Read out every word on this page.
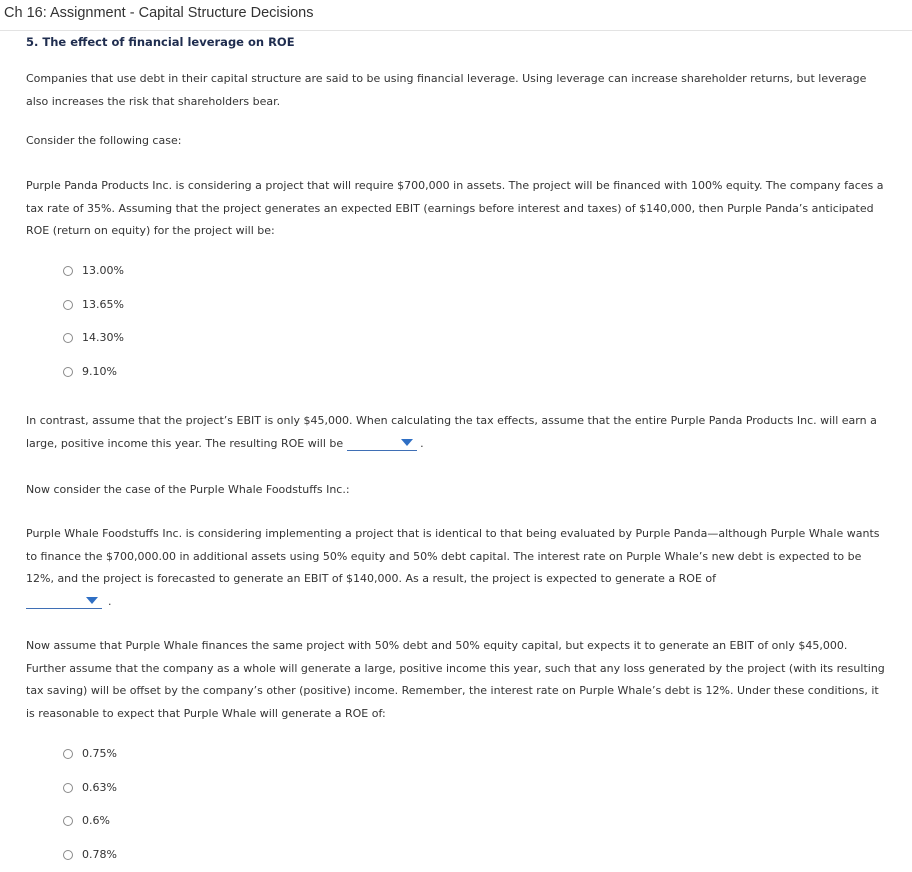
Ch 16: Assignment - Capital Structure Decisions
5. The effect of financial leverage on ROE
Companies that use debt in their capital structure are said to be using financial leverage. Using leverage can increase shareholder returns, but leverage also increases the risk that shareholders bear.
Consider the following case:
Purple Panda Products Inc. is considering a project that will require $700,000 in assets. The project will be financed with 100% equity. The company faces a tax rate of 35%. Assuming that the project generates an expected EBIT (earnings before interest and taxes) of $140,000, then Purple Panda’s anticipated ROE (return on equity) for the project will be:
13.00%
13.65%
14.30%
9.10%
In contrast, assume that the project’s EBIT is only $45,000. When calculating the tax effects, assume that the entire Purple Panda Products Inc. will earn a large, positive income this year. The resulting ROE will be	.
Now consider the case of the Purple Whale Foodstuffs Inc.:
Purple Whale Foodstuffs Inc. is considering implementing a project that is identical to that being evaluated by Purple Panda—although Purple Whale wants to finance the $700,000.00 in additional assets using 50% equity and 50% debt capital. The interest rate on Purple Whale’s new debt is expected to be 12%, and the project is forecasted to generate an EBIT of $140,000. As a result, the project is expected to generate a ROE of

.
Now assume that Purple Whale finances the same project with 50% debt and 50% equity capital, but expects it to generate an EBIT of only $45,000. Further assume that the company as a whole will generate a large, positive income this year, such that any loss generated by the project (with its resulting tax saving) will be offset by the company’s other (positive) income. Remember, the interest rate on Purple Whale’s debt is 12%. Under these conditions, it is reasonable to expect that Purple Whale will generate a ROE of:
0.75%
0.63%
0.6%
0.78%
